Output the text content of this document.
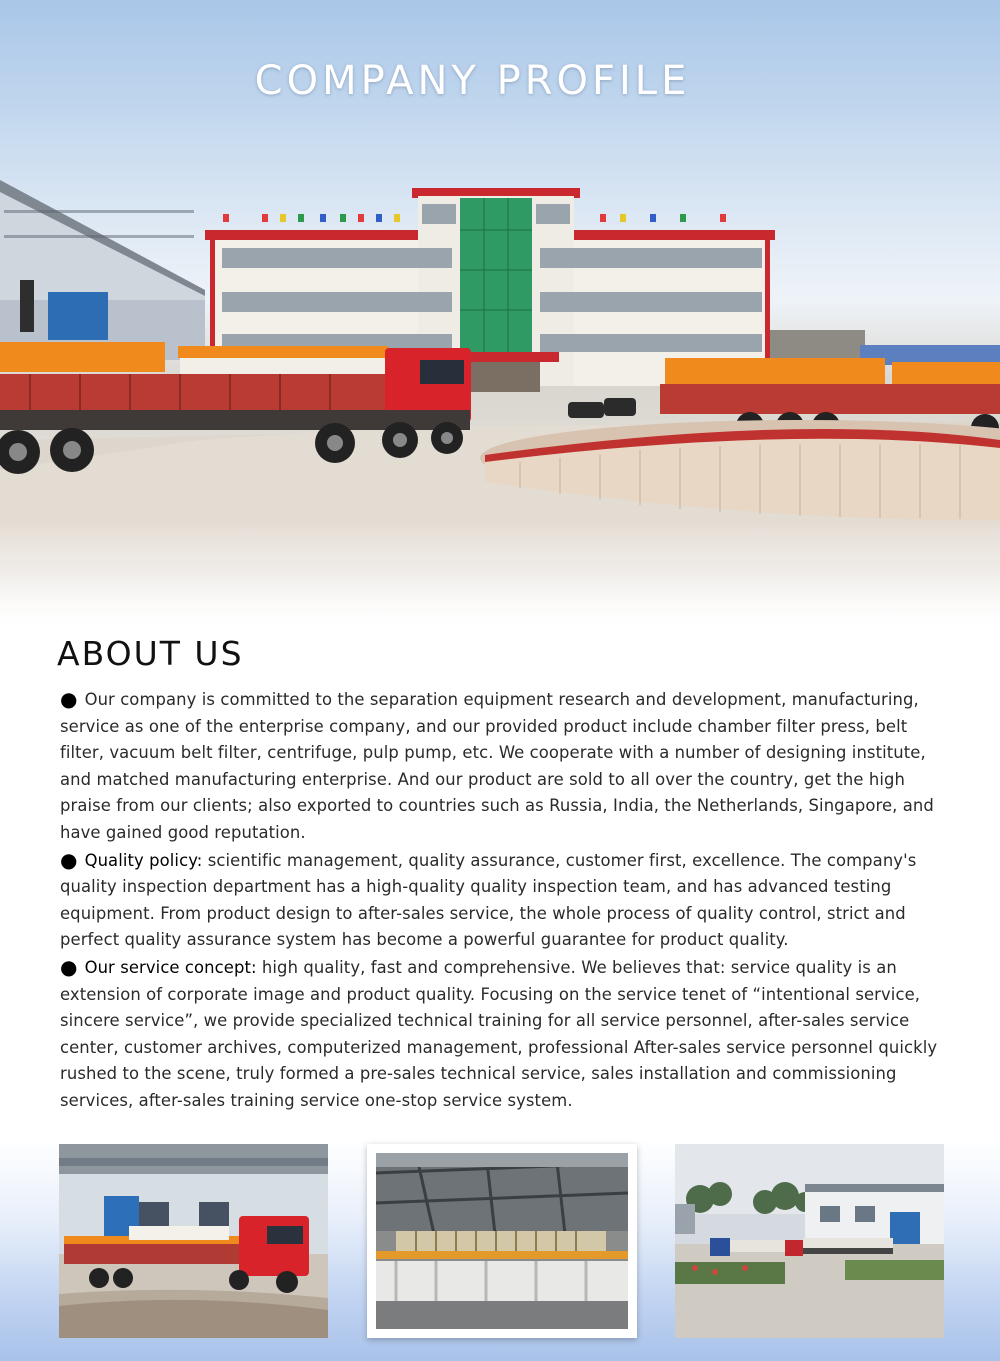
COMPANY PROFILE
ABOUT US

● Our company is committed to the separation equipment research and development, manufacturing, service as one of the enterprise company, and our provided product include chamber filter press, belt filter, vacuum belt filter, centrifuge, pulp pump, etc. We cooperate with a number of designing institute, and matched manufacturing enterprise. And our product are sold to all over the country, get the high praise from our clients; also exported to countries such as Russia, India, the Netherlands, Singapore, and have gained good reputation.

● Quality policy: scientific management, quality assurance, customer first, excellence. The company's quality inspection department has a high-quality quality inspection team, and has advanced testing equipment. From product design to after-sales service, the whole process of quality control, strict and perfect quality assurance system has become a powerful guarantee for product quality.

● Our service concept: high quality, fast and comprehensive. We believes that: service quality is an extension of corporate image and product quality. Focusing on the service tenet of “intentional service, sincere service”, we provide specialized technical training for all service personnel, after-sales service center, customer archives, computerized management, professional After-sales service personnel quickly rushed to the scene, truly formed a pre-sales technical service, sales installation and commissioning services, after-sales training service one-stop service system.
